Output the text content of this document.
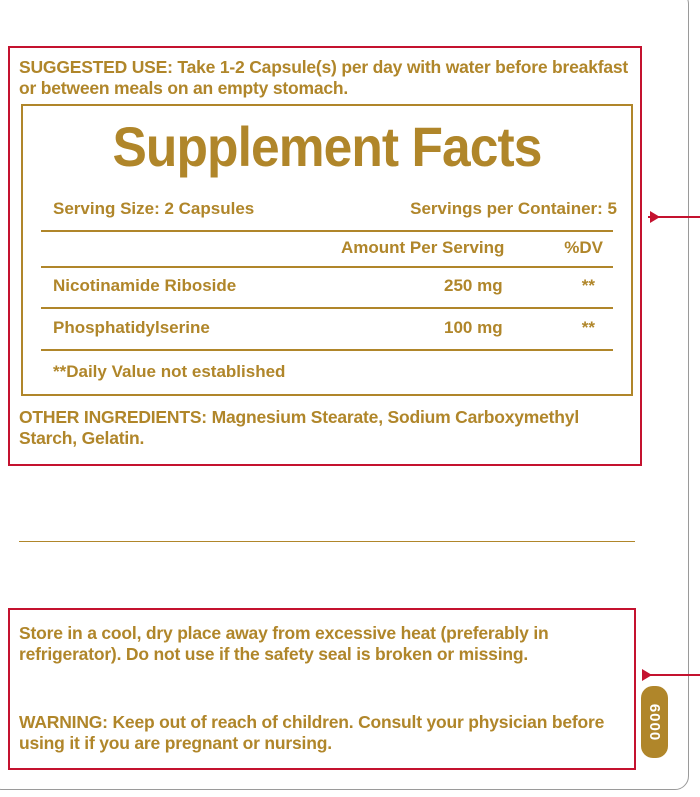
SUGGESTED USE: Take 1-2 Capsule(s) per day with water before breakfast or between meals on an empty stomach.
Supplement Facts
Serving Size: 2 Capsules	Servings per Container: 5
Amount Per Serving	%DV
Nicotinamide Riboside	250 mg	**
Phosphatidylserine	100 mg	**
**Daily Value not established
OTHER INGREDIENTS: Magnesium Stearate, Sodium Carboxymethyl Starch, Gelatin.
Store in a cool, dry place away from excessive heat (preferably in refrigerator). Do not use if the safety seal is broken or missing.
WARNING: Keep out of reach of children. Consult your physician before using it if you are pregnant or nursing.
6000
